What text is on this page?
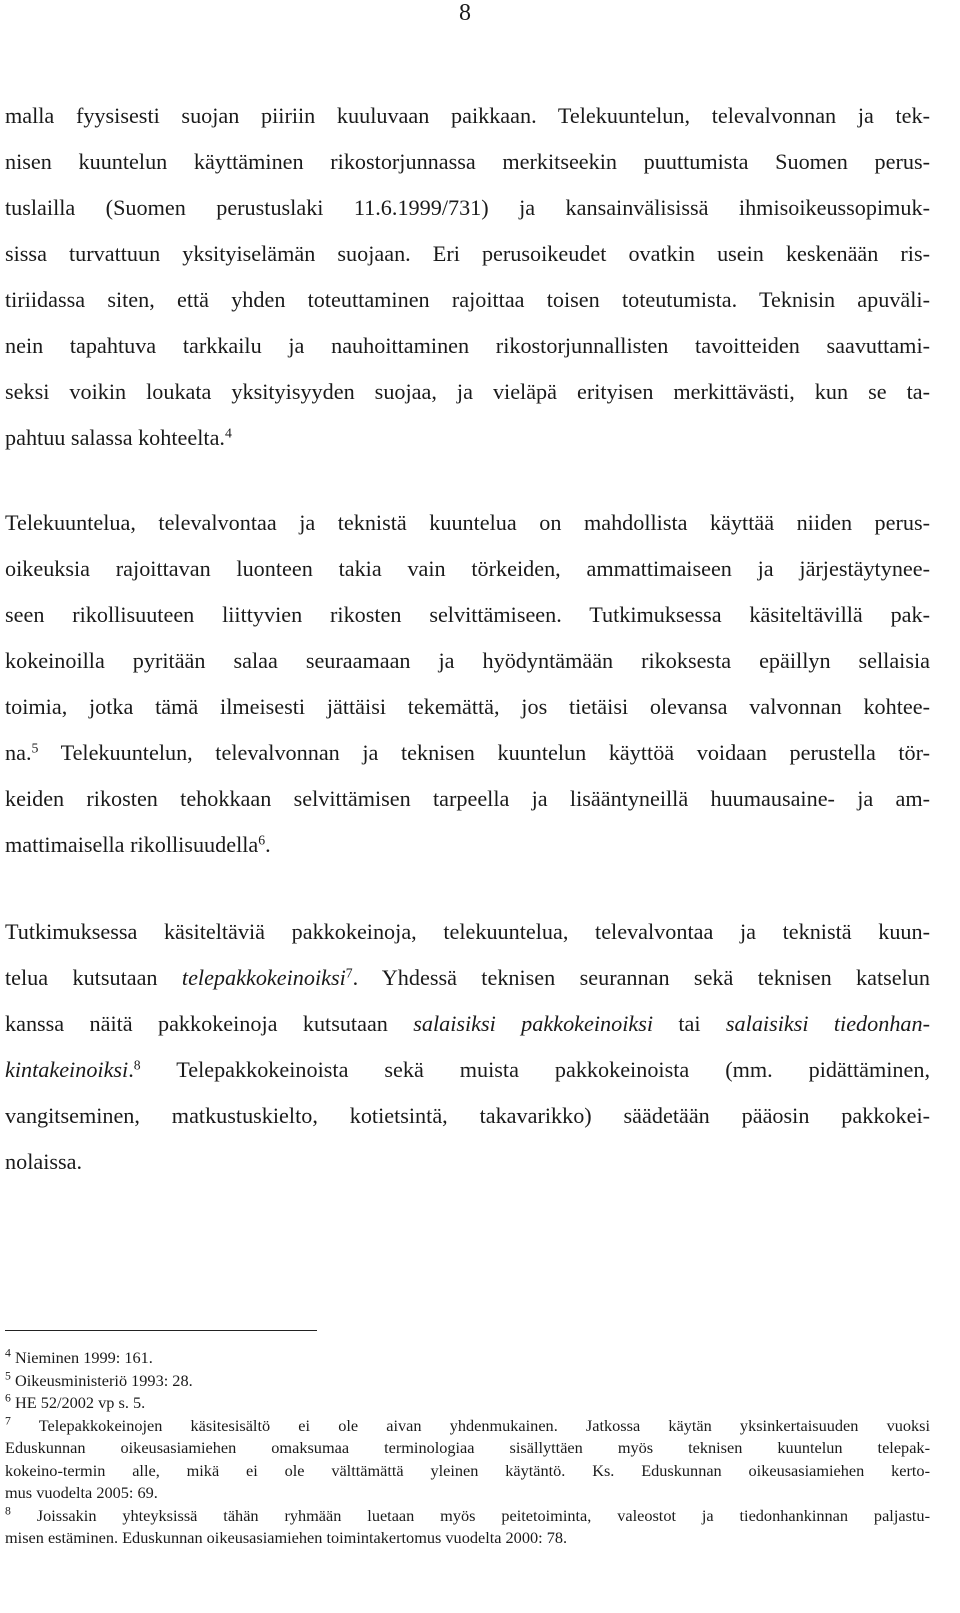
8
malla fyysisesti suojan piiriin kuuluvaan paikkaan. Telekuuntelun, televalvonnan ja tek-
nisen kuuntelun käyttäminen rikostorjunnassa merkitseekin puuttumista Suomen perus-
tuslailla (Suomen perustuslaki 11.6.1999/731) ja kansainvälisissä ihmisoikeussopimuk-
sissa turvattuun yksityiselämän suojaan. Eri perusoikeudet ovatkin usein keskenään ris-
tiriidassa siten, että yhden toteuttaminen rajoittaa toisen toteutumista. Teknisin apuväli-
nein tapahtuva tarkkailu ja nauhoittaminen rikostorjunnallisten tavoitteiden saavuttami-
seksi voikin loukata yksityisyyden suojaa, ja vieläpä erityisen merkittävästi, kun se ta-
pahtuu salassa kohteelta.$^4$
Telekuuntelua, televalvontaa ja teknistä kuuntelua on mahdollista käyttää niiden perus-
oikeuksia rajoittavan luonteen takia vain törkeiden, ammattimaiseen ja järjestäytynee-
seen rikollisuuteen liittyvien rikosten selvittämiseen. Tutkimuksessa käsiteltävillä pak-
kokeinoilla pyritään salaa seuraamaan ja hyödyntämään rikoksesta epäillyn sellaisia
toimia, jotka tämä ilmeisesti jättäisi tekemättä, jos tietäisi olevansa valvonnan kohtee-
na.$^5$ Telekuuntelun, televalvonnan ja teknisen kuuntelun käyttöä voidaan perustella tör-
keiden rikosten tehokkaan selvittämisen tarpeella ja lisääntyneillä huumausaine- ja am-
mattimaisella rikollisuudella$^6$.
Tutkimuksessa käsiteltäviä pakkokeinoja, telekuuntelua, televalvontaa ja teknistä kuun-
telua kutsutaan telepakkokeinoiksi$^7$. Yhdessä teknisen seurannan sekä teknisen katselun
kanssa näitä pakkokeinoja kutsutaan salaisiksi pakkokeinoiksi tai salaisiksi tiedonhan-
kintakeinoiksi.$^8$ Telepakkokeinoista sekä muista pakkokeinoista (mm. pidättäminen,
vangitseminen, matkustuskielto, kotietsintä, takavarikko) säädetään pääosin pakkokei-
nolaissa.
$^4$ Nieminen 1999: 161.
$^5$ Oikeusministeriö 1993: 28.
$^6$ HE 52/2002 vp s. 5.
$^7$ Telepakkokeinojen käsitesisältö ei ole aivan yhdenmukainen. Jatkossa käytän yksinkertaisuuden vuoksi
Eduskunnan oikeusasiamiehen omaksumaa terminologiaa sisällyttäen myös teknisen kuuntelun telepak-
kokeino-termin alle, mikä ei ole välttämättä yleinen käytäntö. Ks. Eduskunnan oikeusasiamiehen kerto-
mus vuodelta 2005: 69.
$^8$ Joissakin yhteyksissä tähän ryhmään luetaan myös peitetoiminta, valeostot ja tiedonhankinnan paljastu-
misen estäminen. Eduskunnan oikeusasiamiehen toimintakertomus vuodelta 2000: 78.
